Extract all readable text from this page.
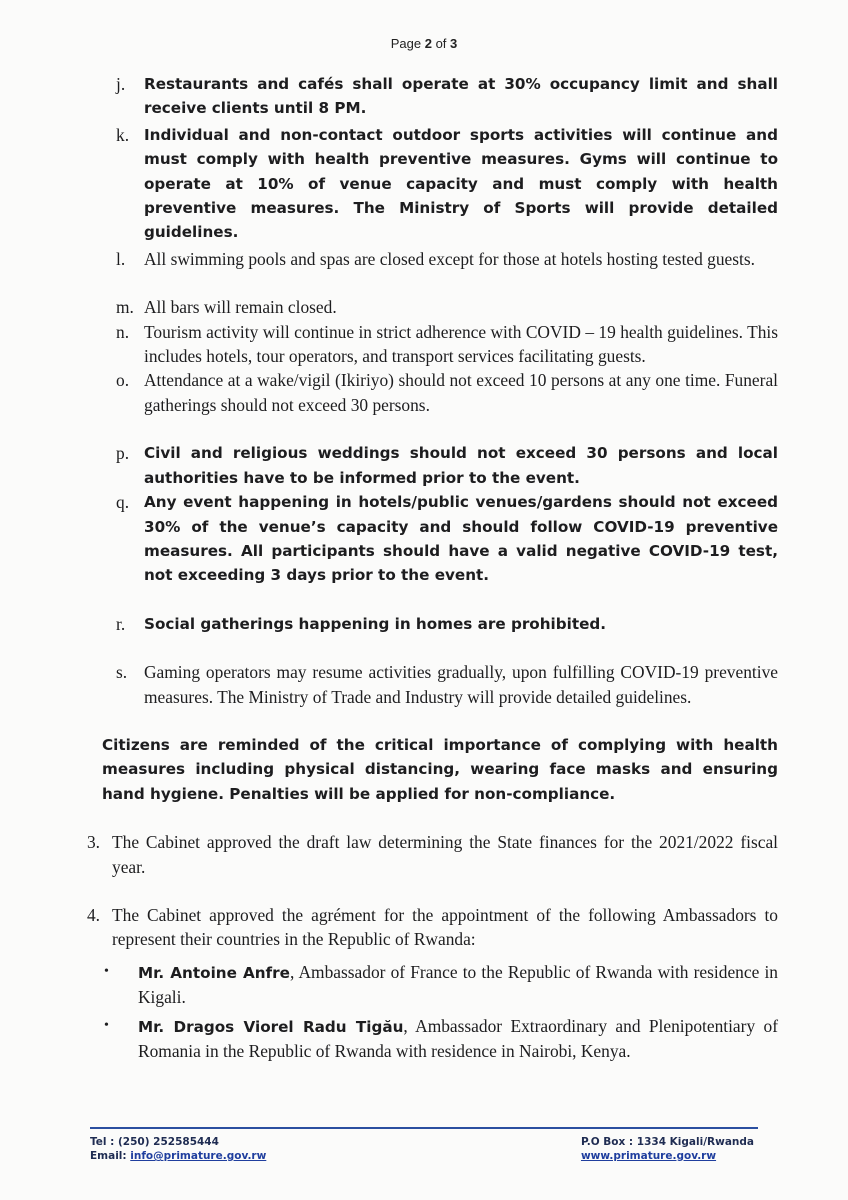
Page 2 of 3
j.	Restaurants and cafés shall operate at 30% occupancy limit and shall receive clients until 8 PM.
k. Individual and non-contact outdoor sports activities will continue and must comply with health preventive measures. Gyms will continue to operate at 10% of venue capacity and must comply with health preventive measures. The Ministry of Sports will provide detailed guidelines.
l.	All swimming pools and spas are closed except for those at hotels hosting tested guests.
m. All bars will remain closed.
n. Tourism activity will continue in strict adherence with COVID – 19 health guidelines. This includes hotels, tour operators, and transport services facilitating guests.
o. Attendance at a wake/vigil (Ikiriyo) should not exceed 10 persons at any one time. Funeral gatherings should not exceed 30 persons.
p. Civil and religious weddings should not exceed 30 persons and local authorities have to be informed prior to the event.
q. Any event happening in hotels/public venues/gardens should not exceed 30% of the venue’s capacity and should follow COVID-19 preventive measures. All participants should have a valid negative COVID-19 test, not exceeding 3 days prior to the event.
r.	Social gatherings happening in homes are prohibited.
s. Gaming operators may resume activities gradually, upon fulfilling COVID-19 preventive measures. The Ministry of Trade and Industry will provide detailed guidelines.
Citizens are reminded of the critical importance of complying with health measures including physical distancing, wearing face masks and ensuring hand hygiene. Penalties will be applied for non-compliance.
3. The Cabinet approved the draft law determining the State finances for the 2021/2022 fiscal year.
4. The Cabinet approved the agrément for the appointment of the following Ambassadors to represent their countries in the Republic of Rwanda:
•	Mr. Antoine Anfre, Ambassador of France to the Republic of Rwanda with residence in Kigali.
•	Mr. Dragos Viorel Radu Tigău, Ambassador Extraordinary and Plenipotentiary of Romania in the Republic of Rwanda with residence in Nairobi, Kenya.
Tel : (250) 252585444
Email: info@primature.gov.rw
P.O Box : 1334 Kigali/Rwanda
www.primature.gov.rw
